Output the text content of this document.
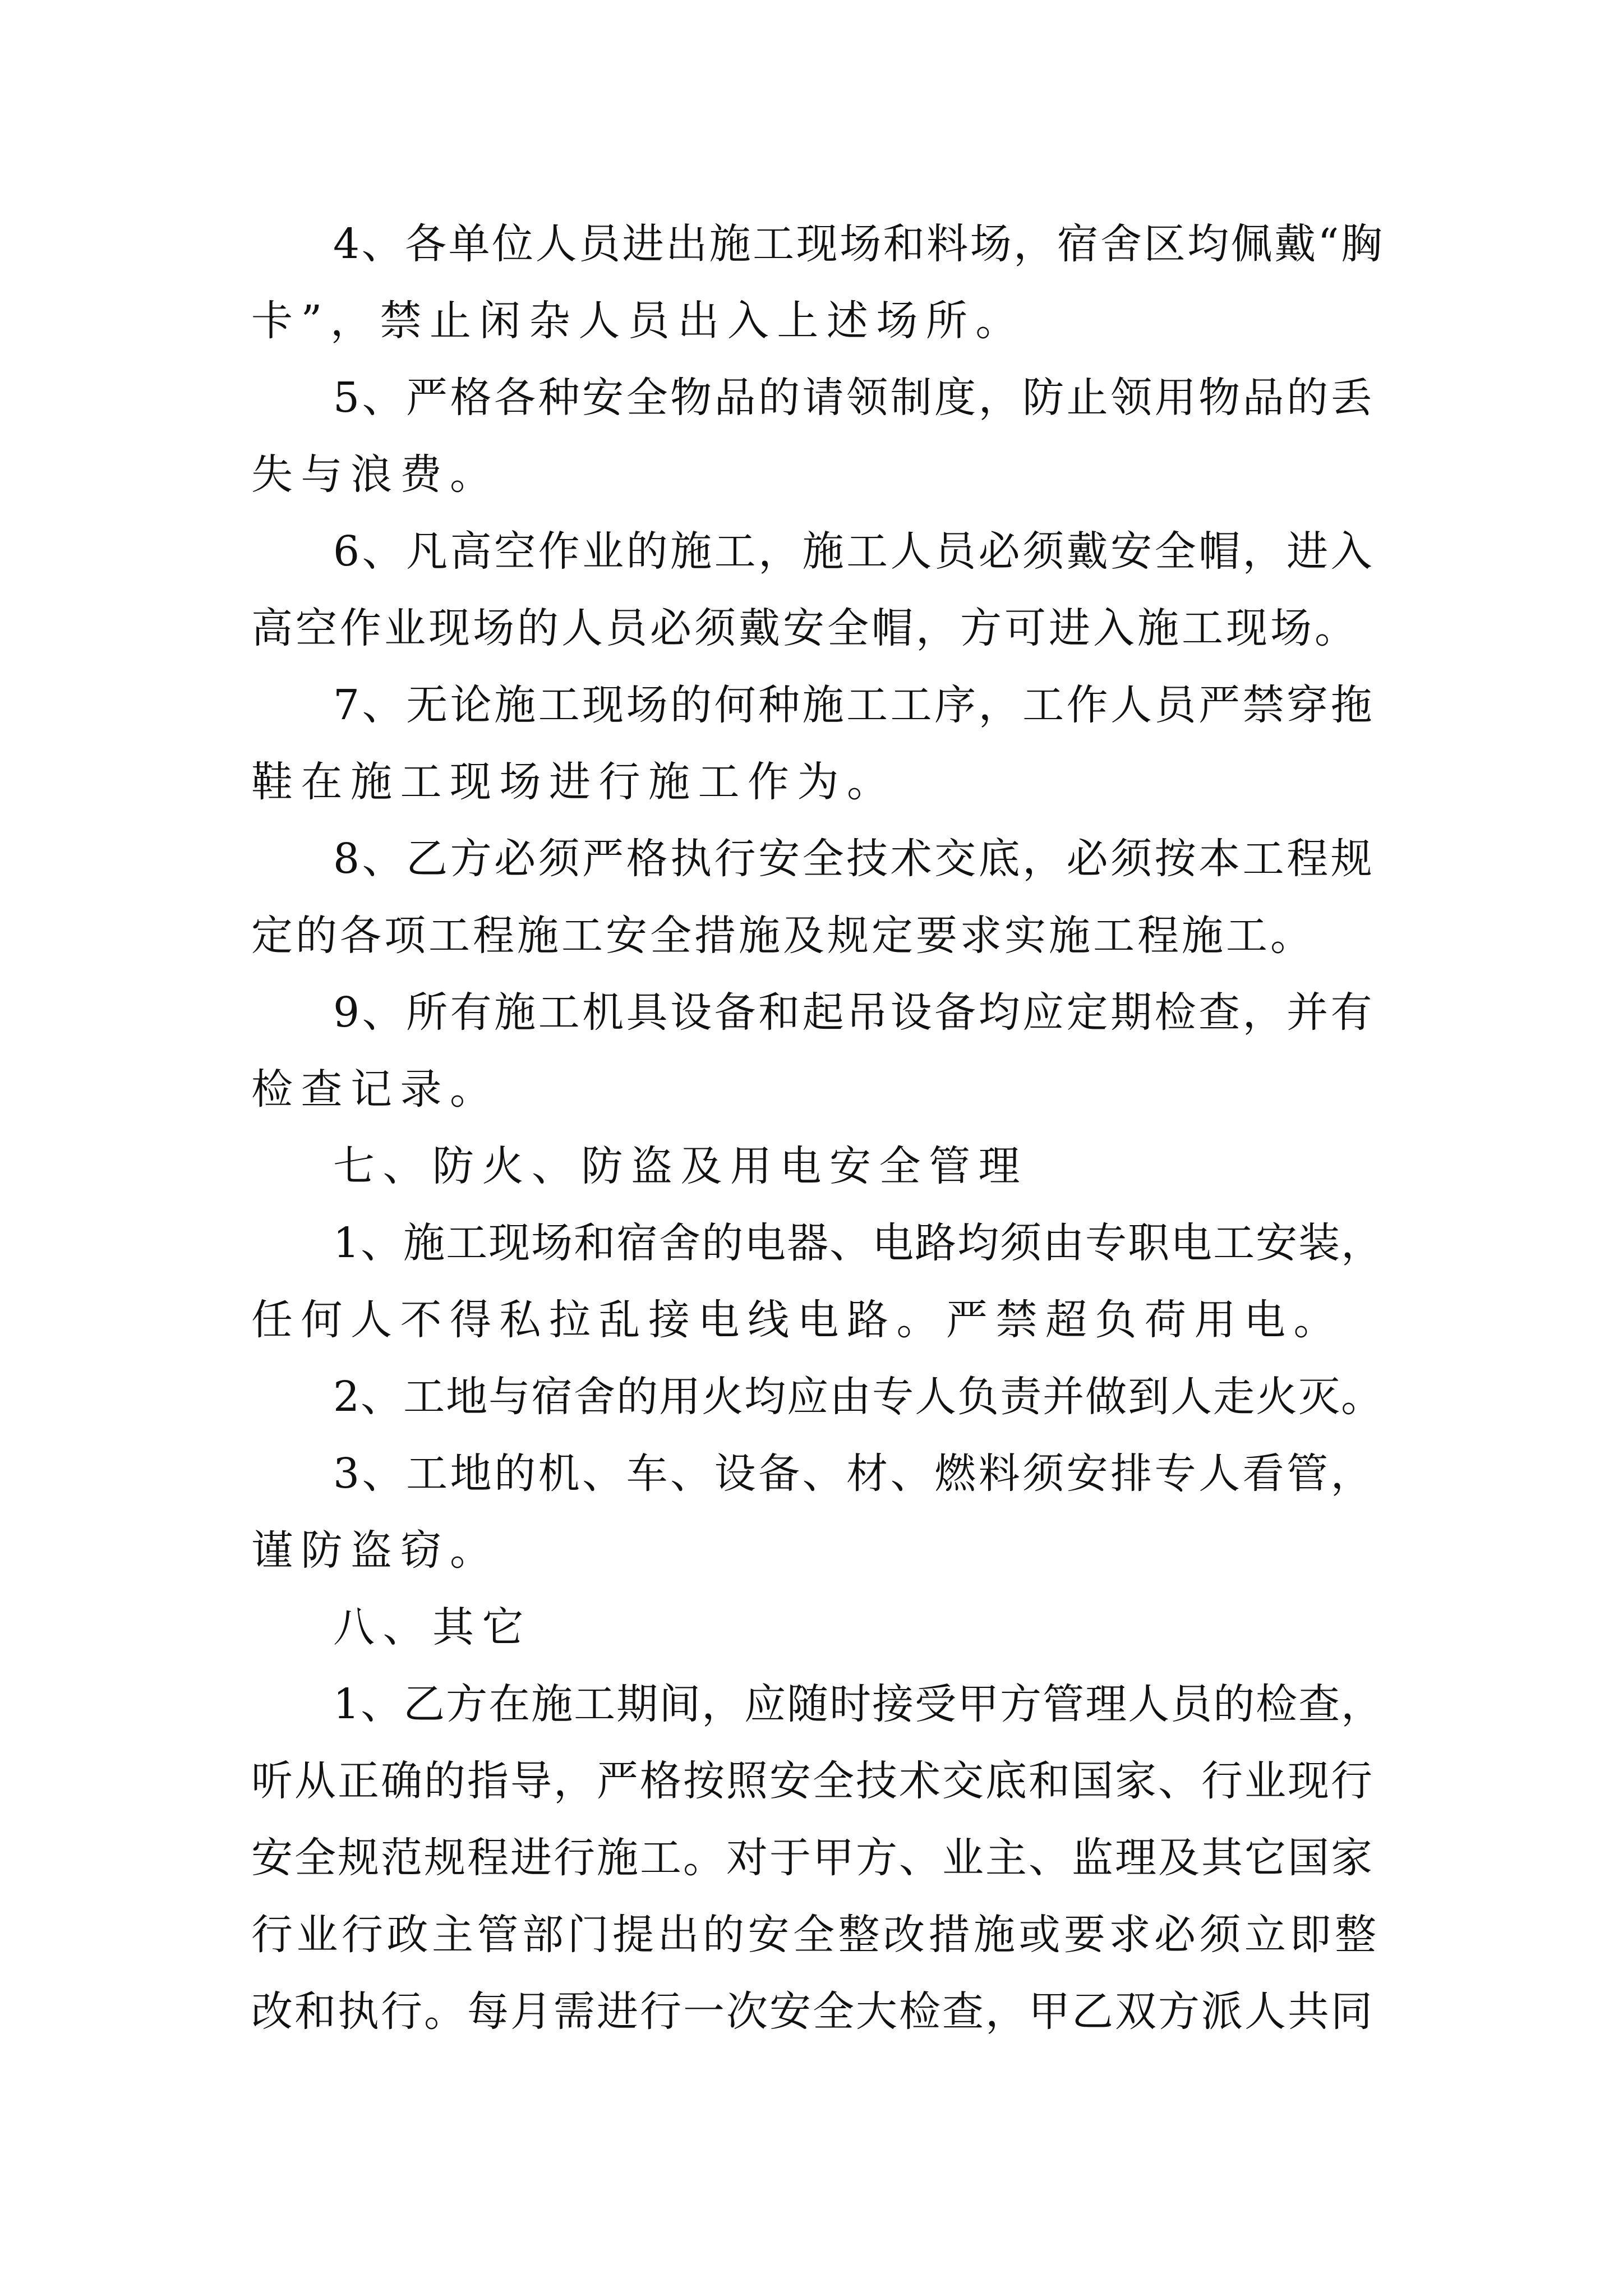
4、各单位人员进出施工现场和料场，宿舍区均佩戴“胸
卡”，禁止闲杂人员出入上述场所。
5、严格各种安全物品的请领制度，防止领用物品的丢
失与浪费。
6、凡高空作业的施工，施工人员必须戴安全帽，进入
高空作业现场的人员必须戴安全帽，方可进入施工现场。
7、无论施工现场的何种施工工序，工作人员严禁穿拖
鞋在施工现场进行施工作为。
8、乙方必须严格执行安全技术交底，必须按本工程规
定的各项工程施工安全措施及规定要求实施工程施工。
9、所有施工机具设备和起吊设备均应定期检查，并有
检查记录。
七、防火、防盗及用电安全管理
1、施工现场和宿舍的电器、电路均须由专职电工安装，
任何人不得私拉乱接电线电路。严禁超负荷用电。
2、工地与宿舍的用火均应由专人负责并做到人走火灭。
3、工地的机、车、设备、材、燃料须安排专人看管，
谨防盗窃。
八、其它
1、乙方在施工期间，应随时接受甲方管理人员的检查，
听从正确的指导，严格按照安全技术交底和国家、行业现行
安全规范规程进行施工。对于甲方、业主、监理及其它国家
行业行政主管部门提出的安全整改措施或要求必须立即整
改和执行。每月需进行一次安全大检查，甲乙双方派人共同
